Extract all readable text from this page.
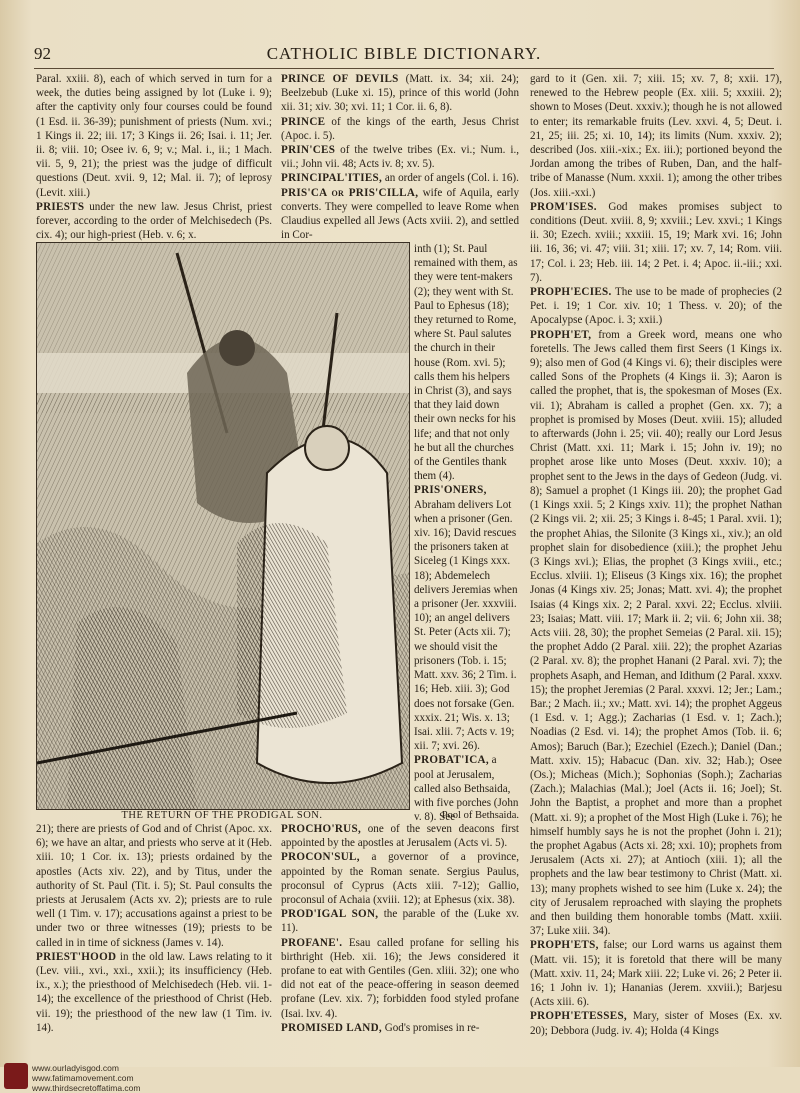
92	CATHOLIC BIBLE DICTIONARY.

Paral. xxiii. 8), each of which served in turn for a week, the duties being assigned by lot (Luke i. 9); after the captivity only four courses could be found (1 Esd. ii. 36-39); punishment of priests (Num. xvi.; 1 Kings ii. 22; iii. 17; 3 Kings ii. 26; Isai. i. 11; Jer. ii. 8; viii. 10; Osee iv. 6, 9; v.; Mal. i., ii.; 1 Mach. vii. 5, 9, 21); the priest was the judge of difficult questions (Deut. xvii. 9, 12; Mal. ii. 7); of leprosy (Levit. xiii.)

PRIESTS under the new law. Jesus Christ, priest forever, according to the order of Melchisedech (Ps. cix. 4); our high-priest (Heb. v. 6; x.

PRINCE OF DEVILS (Matt. ix. 34; xii. 24); Beelzebub (Luke xi. 15), prince of this world (John xii. 31; xiv. 30; xvi. 11; 1 Cor. ii. 6, 8).

PRINCE of the kings of the earth, Jesus Christ (Apoc. i. 5).

PRIN'CES of the twelve tribes (Ex. vi.; Num. i., vii.; John vii. 48; Acts iv. 8; xv. 5).

PRINCIPAL'ITIES, an order of angels (Col. i. 16).

PRIS'CA or PRIS'CILLA, wife of Aquila, early converts. They were compelled to leave Rome when Claudius expelled all Jews (Acts xviii. 2), and settled in Cor-

inth (1); St. Paul remained with them, as they were tent-makers (2); they went with St. Paul to Ephesus (18); they returned to Rome, where St. Paul salutes the church in their house (Rom. xvi. 5); calls them his helpers in Christ (3), and says that they laid down their own necks for his life; and that not only he but all the churches of the Gentiles thank them (4).

PRIS'ONERS, Abraham delivers Lot when a prisoner (Gen. xiv. 16); David rescues the prisoners taken at Siceleg (1 Kings xxx. 18); Abdemelech delivers Jeremias when a prisoner (Jer. xxxviii. 10); an angel delivers St. Peter (Acts xii. 7); we should visit the prisoners (Tob. i. 15; Matt. xxv. 36; 2 Tim. i. 16; Heb. xiii. 3); God does not forsake (Gen. xxxix. 21; Wis. x. 13; Isai. xlii. 7; Acts v. 19; xii. 7; xvi. 26).

PROBAT'ICA, a pool at Jerusalem, called also Bethsaida, with five porches (John v. 8). See

THE RETURN OF THE PRODIGAL SON.	Pool of Bethsaida.

21); there are priests of God and of Christ (Apoc. xx. 6); we have an altar, and priests who serve at it (Heb. xiii. 10; 1 Cor. ix. 13); priests ordained by the apostles (Acts xiv. 22), and by Titus, under the authority of St. Paul (Tit. i. 5); St. Paul consults the priests at Jerusalem (Acts xv. 2); priests are to rule well (1 Tim. v. 17); accusations against a priest to be under two or three witnesses (19); priests to be called in in time of sickness (James v. 14).

PRIEST'HOOD in the old law. Laws relating to it (Lev. viii., xvi., xxi., xxii.); its insufficiency (Heb. ix., x.); the priesthood of Melchisedech (Heb. vii. 1-14); the excellence of the priesthood of Christ (Heb. vii. 19); the priesthood of the new law (1 Tim. iv. 14).

PROCHO'RUS, one of the seven deacons first appointed by the apostles at Jerusalem (Acts vi. 5).

PROCON'SUL, a governor of a province, appointed by the Roman senate. Sergius Paulus, proconsul of Cyprus (Acts xiii. 7-12); Gallio, proconsul of Achaia (xviii. 12); at Ephesus (xix. 38).

PROD'IGAL SON, the parable of the (Luke xv. 11).

PROFANE'. Esau called profane for selling his birthright (Heb. xii. 16); the Jews considered it profane to eat with Gentiles (Gen. xliii. 32); one who did not eat of the peace-offering in season deemed profane (Lev. xix. 7); forbidden food styled profane (Isai. lxv. 4).

PROMISED LAND, God's promises in re-

gard to it (Gen. xii. 7; xiii. 15; xv. 7, 8; xxii. 17), renewed to the Hebrew people (Ex. xiii. 5; xxxiii. 2); shown to Moses (Deut. xxxiv.); though he is not allowed to enter; its remarkable fruits (Lev. xxvi. 4, 5; Deut. i. 21, 25; iii. 25; xi. 10, 14); its limits (Num. xxxiv. 2); described (Jos. xiii.-xix.; Ex. iii.); portioned beyond the Jordan among the tribes of Ruben, Dan, and the half-tribe of Manasse (Num. xxxii. 1); among the other tribes (Jos. xiii.-xxi.)

PROM'ISES. God makes promises subject to conditions (Deut. xviii. 8, 9; xxviii.; Lev. xxvi.; 1 Kings ii. 30; Ezech. xviii.; xxxiii. 15, 19; Mark xvi. 16; John iii. 16, 36; vi. 47; viii. 31; xiii. 17; xv. 7, 14; Rom. viii. 17; Col. i. 23; Heb. iii. 14; 2 Pet. i. 4; Apoc. ii.-iii.; xxi. 7).

PROPH'ECIES. The use to be made of prophecies (2 Pet. i. 19; 1 Cor. xiv. 10; 1 Thess. v. 20); of the Apocalypse (Apoc. i. 3; xxii.)

PROPH'ET, from a Greek word, means one who foretells. The Jews called them first Seers (1 Kings ix. 9); also men of God (4 Kings vi. 6); their disciples were called Sons of the Prophets (4 Kings ii. 3); Aaron is called the prophet, that is, the spokesman of Moses (Ex. vii. 1); Abraham is called a prophet (Gen. xx. 7); a prophet is promised by Moses (Deut. xviii. 15); alluded to afterwards (John i. 25; vii. 40); really our Lord Jesus Christ (Matt. xxi. 11; Mark i. 15; John iv. 19); no prophet arose like unto Moses (Deut. xxxiv. 10); a prophet sent to the Jews in the days of Gedeon (Judg. vi. 8); Samuel a prophet (1 Kings iii. 20); the prophet Gad (1 Kings xxii. 5; 2 Kings xxiv. 11); the prophet Nathan (2 Kings vii. 2; xii. 25; 3 Kings i. 8-45; 1 Paral. xvii. 1); the prophet Ahias, the Silonite (3 Kings xi., xiv.); an old prophet slain for disobedience (xiii.); the prophet Jehu (3 Kings xvi.); Elias, the prophet (3 Kings xviii., etc.; Ecclus. xlviii. 1); Eliseus (3 Kings xix. 16); the prophet Jonas (4 Kings xiv. 25; Jonas; Matt. xvi. 4); the prophet Isaias (4 Kings xix. 2; 2 Paral. xxvi. 22; Ecclus. xlviii. 23; Isaias; Matt. viii. 17; Mark ii. 2; vii. 6; John xii. 38; Acts viii. 28, 30); the prophet Semeias (2 Paral. xii. 15); the prophet Addo (2 Paral. xiii. 22); the prophet Azarias (2 Paral. xv. 8); the prophet Hanani (2 Paral. xvi. 7); the prophets Asaph, and Heman, and Idithum (2 Paral. xxxv. 15); the prophet Jeremias (2 Paral. xxxvi. 12; Jer.; Lam.; Bar.; 2 Mach. ii.; xv.; Matt. xvi. 14); the prophet Aggeus (1 Esd. v. 1; Agg.); Zacharias (1 Esd. v. 1; Zach.); Noadias (2 Esd. vi. 14); the prophet Amos (Tob. ii. 6; Amos); Baruch (Bar.); Ezechiel (Ezech.); Daniel (Dan.; Matt. xxiv. 15); Habacuc (Dan. xiv. 32; Hab.); Osee (Os.); Micheas (Mich.); Sophonias (Soph.); Zacharias (Zach.); Malachias (Mal.); Joel (Acts ii. 16; Joel); St. John the Baptist, a prophet and more than a prophet (Matt. xi. 9); a prophet of the Most High (Luke i. 76); he himself humbly says he is not the prophet (John i. 21); the prophet Agabus (Acts xi. 28; xxi. 10); prophets from Jerusalem (Acts xi. 27); at Antioch (xiii. 1); all the prophets and the law bear testimony to Christ (Matt. xi. 13); many prophets wished to see him (Luke x. 24); the city of Jerusalem reproached with slaying the prophets and then building them honorable tombs (Matt. xxiii. 37; Luke xiii. 34).

PROPH'ETS, false; our Lord warns us against them (Matt. vii. 15); it is foretold that there will be many (Matt. xxiv. 11, 24; Mark xiii. 22; Luke vi. 26; 2 Peter ii. 16; 1 John iv. 1); Hananias (Jerem. xxviii.); Barjesu (Acts xiii. 6).

PROPH'ETESSES, Mary, sister of Moses (Ex. xv. 20); Debbora (Judg. iv. 4); Holda (4 Kings

www.ourladyisgod.com
www.fatimamovement.com
www.thirdsecretoffatima.com
